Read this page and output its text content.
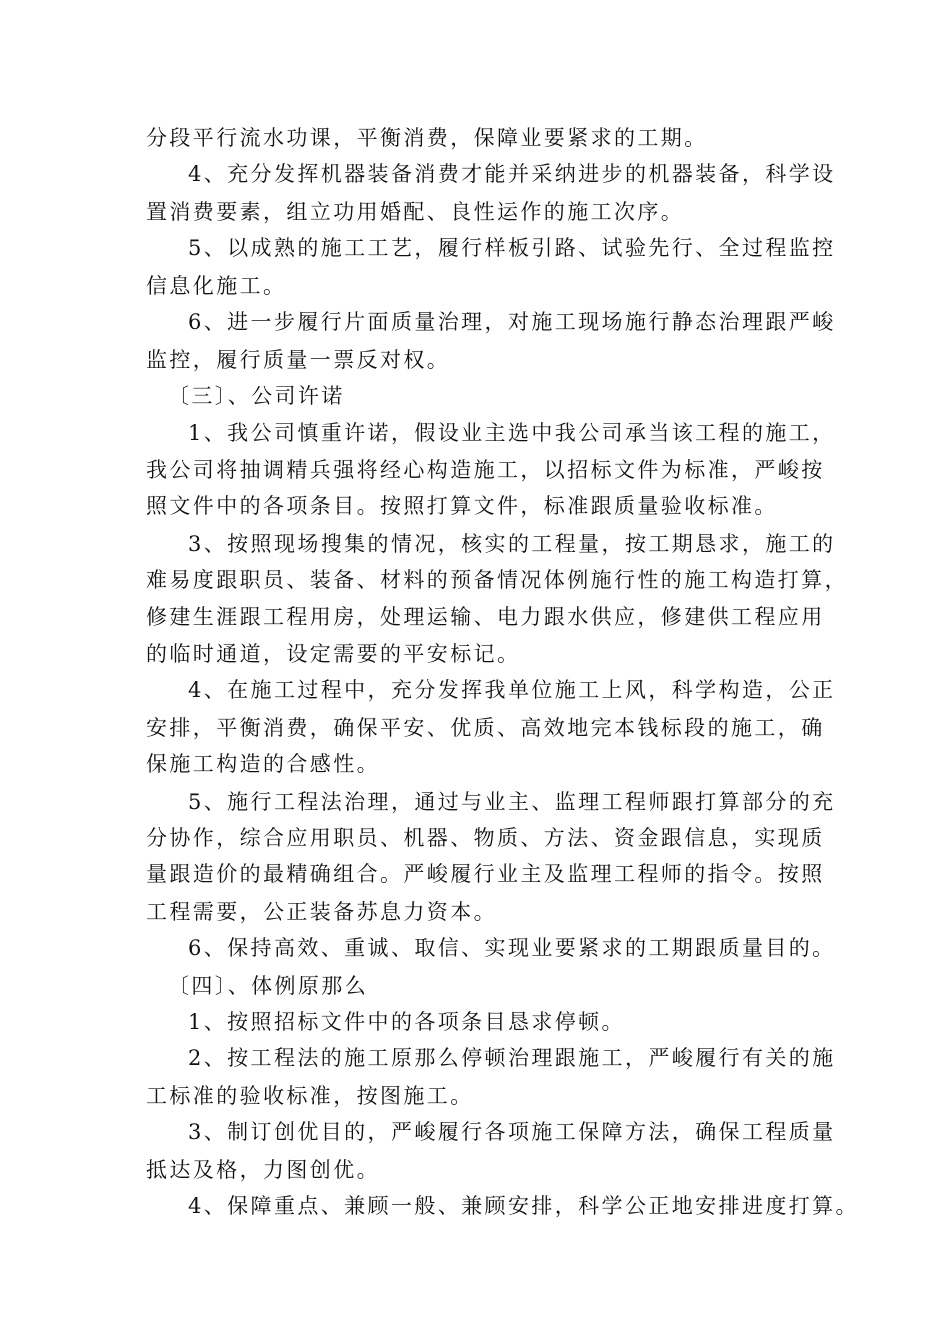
分段平行流水功课，平衡消费，保障业要紧求的工期。
4、充分发挥机器装备消费才能并采纳进步的机器装备，科学设
置消费要素，组立功用婚配、良性运作的施工次序。
5、以成熟的施工工艺，履行样板引路、试验先行、全过程监控
信息化施工。
6、进一步履行片面质量治理，对施工现场施行静态治理跟严峻
监控，履行质量一票反对权。
〔三〕、公司许诺
1、我公司慎重许诺，假设业主选中我公司承当该工程的施工，
我公司将抽调精兵强将经心构造施工，以招标文件为标准，严峻按
照文件中的各项条目。按照打算文件，标准跟质量验收标准。
3、按照现场搜集的情况，核实的工程量，按工期恳求，施工的
难易度跟职员、装备、材料的预备情况体例施行性的施工构造打算，
修建生涯跟工程用房，处理运输、电力跟水供应，修建供工程应用
的临时通道，设定需要的平安标记。
4、在施工过程中，充分发挥我单位施工上风，科学构造，公正
安排，平衡消费，确保平安、优质、高效地完本钱标段的施工，确
保施工构造的合感性。
5、施行工程法治理，通过与业主、监理工程师跟打算部分的充
分协作，综合应用职员、机器、物质、方法、资金跟信息，实现质
量跟造价的最精确组合。严峻履行业主及监理工程师的指令。按照
工程需要，公正装备苏息力资本。
6、保持高效、重诚、取信、实现业要紧求的工期跟质量目的。
〔四〕、体例原那么
1、按照招标文件中的各项条目恳求停顿。
2、按工程法的施工原那么停顿治理跟施工，严峻履行有关的施
工标准的验收标准，按图施工。
3、制订创优目的，严峻履行各项施工保障方法，确保工程质量
抵达及格，力图创优。
4、保障重点、兼顾一般、兼顾安排，科学公正地安排进度打算。
